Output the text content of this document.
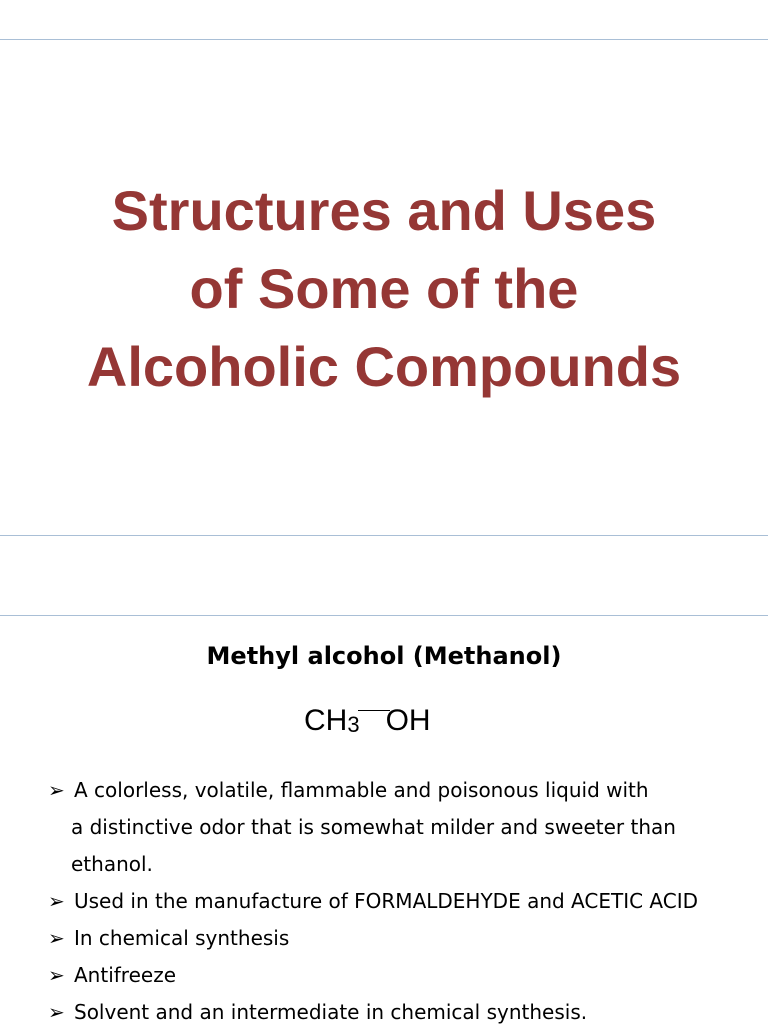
Structures and Uses
of Some of the
Alcoholic Compounds
Methyl alcohol (Methanol)
$CH_3$ OH
➢ A colorless, volatile, flammable and poisonous liquid with
a distinctive odor that is somewhat milder and sweeter than
ethanol.
➢ Used in the manufacture of FORMALDEHYDE and ACETIC ACID
➢ In chemical synthesis
➢ Antifreeze
➢ Solvent and an intermediate in chemical synthesis.
